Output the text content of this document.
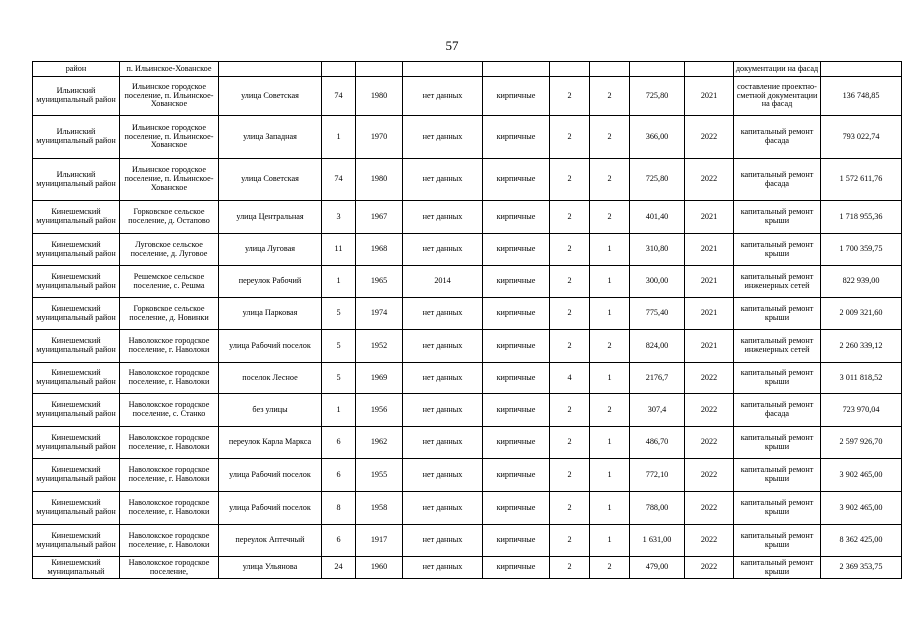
57
район	п. Ильинское-Хованское										документации на фасад	
Ильинский муниципальный район	Ильинское городское поселение, п. Ильинское-Хованское	улица Советская	74	1980	нет данных	кирпичные	2	2	725,80	2021	составление проектно-сметной документации на фасад	136 748,85
Ильинский муниципальный район	Ильинское городское поселение, п. Ильинское-Хованское	улица Западная	1	1970	нет данных	кирпичные	2	2	366,00	2022	капитальный ремонт фасада	793 022,74
Ильинский муниципальный район	Ильинское городское поселение, п. Ильинское-Хованское	улица Советская	74	1980	нет данных	кирпичные	2	2	725,80	2022	капитальный ремонт фасада	1 572 611,76
Кинешемский муниципальный район	Горковское сельское поселение, д. Остапово	улица Центральная	3	1967	нет данных	кирпичные	2	2	401,40	2021	капитальный ремонт крыши	1 718 955,36
Кинешемский муниципальный район	Луговское сельское поселение, д. Луговое	улица Луговая	11	1968	нет данных	кирпичные	2	1	310,80	2021	капитальный ремонт крыши	1 700 359,75
Кинешемский муниципальный район	Решемское сельское поселение, с. Решма	переулок Рабочий	1	1965	2014	кирпичные	2	1	300,00	2021	капитальный ремонт инженерных сетей	822 939,00
Кинешемский муниципальный район	Горковское сельское поселение, д. Новинки	улица Парковая	5	1974	нет данных	кирпичные	2	1	775,40	2021	капитальный ремонт крыши	2 009 321,60
Кинешемский муниципальный район	Наволокское городское поселение, г. Наволоки	улица Рабочий поселок	5	1952	нет данных	кирпичные	2	2	824,00	2021	капитальный ремонт инженерных сетей	2 260 339,12
Кинешемский муниципальный район	Наволокское городское поселение, г. Наволоки	поселок Лесное	5	1969	нет данных	кирпичные	4	1	2176,7	2022	капитальный ремонт крыши	3 011 818,52
Кинешемский муниципальный район	Наволокское городское поселение, с. Станко	без улицы	1	1956	нет данных	кирпичные	2	2	307,4	2022	капитальный ремонт фасада	723 970,04
Кинешемский муниципальный район	Наволокское городское поселение, г. Наволоки	переулок Карла Маркса	6	1962	нет данных	кирпичные	2	1	486,70	2022	капитальный ремонт крыши	2 597 926,70
Кинешемский муниципальный район	Наволокское городское поселение, г. Наволоки	улица Рабочий поселок	6	1955	нет данных	кирпичные	2	1	772,10	2022	капитальный ремонт крыши	3 902 465,00
Кинешемский муниципальный район	Наволокское городское поселение, г. Наволоки	улица Рабочий поселок	8	1958	нет данных	кирпичные	2	1	788,00	2022	капитальный ремонт крыши	3 902 465,00
Кинешемский муниципальный район	Наволокское городское поселение, г. Наволоки	переулок Аптечный	6	1917	нет данных	кирпичные	2	1	1 631,00	2022	капитальный ремонт крыши	8 362 425,00
Кинешемский муниципальный	Наволокское городское поселение,	улица Ульянова	24	1960	нет данных	кирпичные	2	2	479,00	2022	капитальный ремонт крыши	2 369 353,75
